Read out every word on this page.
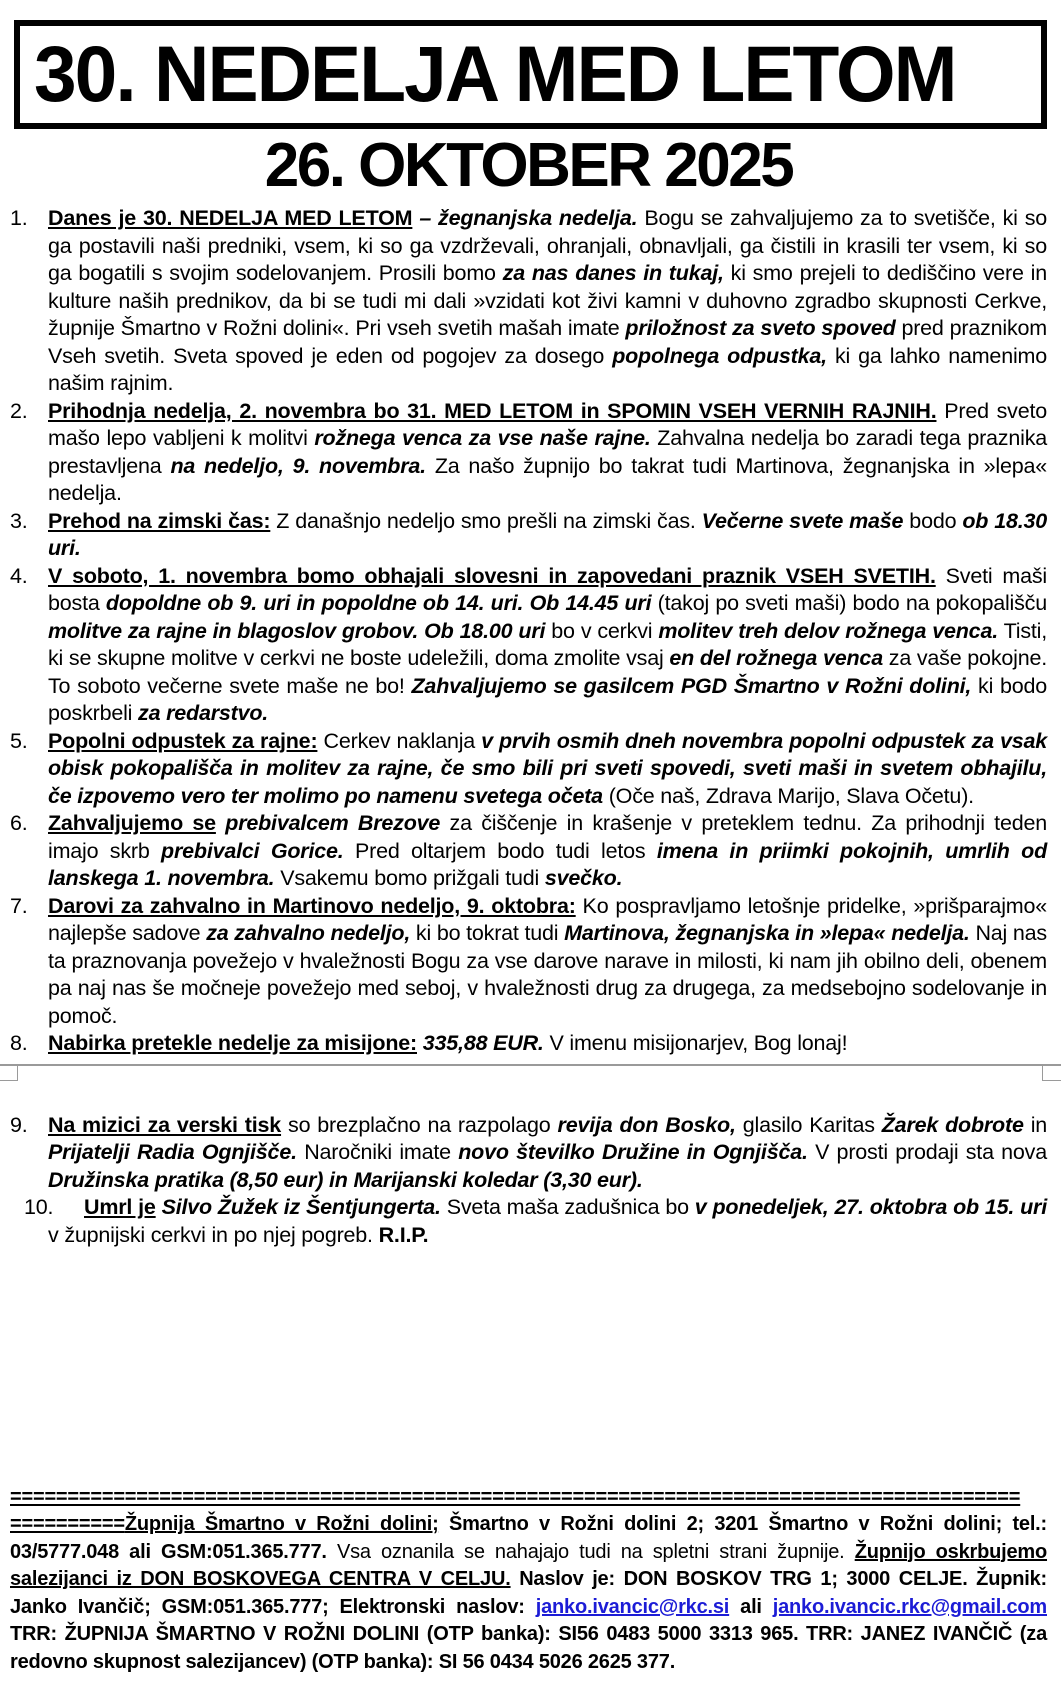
30. NEDELJA MED LETOM
26. OKTOBER 2025

1. Danes je 30. NEDELJA MED LETOM – žegnanjska nedelja. Bogu se zahvaljujemo za to svetišče, ki so ga postavili naši predniki, vsem, ki so ga vzdrževali, ohranjali, obnavljali, ga čistili in krasili ter vsem, ki so ga bogatili s svojim sodelovanjem. Prosili bomo za nas danes in tukaj, ki smo prejeli to dediščino vere in kulture naših prednikov, da bi se tudi mi dali »vzidati kot živi kamni v duhovno zgradbo skupnosti Cerkve, župnije Šmartno v Rožni dolini«. Pri vseh svetih mašah imate priložnost za sveto spoved pred praznikom Vseh svetih. Sveta spoved je eden od pogojev za dosego popolnega odpustka, ki ga lahko namenimo našim rajnim.

2. Prihodnja nedelja, 2. novembra bo 31. MED LETOM in SPOMIN VSEH VERNIH RAJNIH. Pred sveto mašo lepo vabljeni k molitvi rožnega venca za vse naše rajne. Zahvalna nedelja bo zaradi tega praznika prestavljena na nedeljo, 9. novembra. Za našo župnijo bo takrat tudi Martinova, žegnanjska in »lepa« nedelja.

3. Prehod na zimski čas: Z današnjo nedeljo smo prešli na zimski čas. Večerne svete maše bodo ob 18.30 uri.

4. V soboto, 1. novembra bomo obhajali slovesni in zapovedani praznik VSEH SVETIH. Sveti maši bosta dopoldne ob 9. uri in popoldne ob 14. uri. Ob 14.45 uri (takoj po sveti maši) bodo na pokopališču molitve za rajne in blagoslov grobov. Ob 18.00 uri bo v cerkvi molitev treh delov rožnega venca. Tisti, ki se skupne molitve v cerkvi ne boste udeležili, doma zmolite vsaj en del rožnega venca za vaše pokojne. To soboto večerne svete maše ne bo! Zahvaljujemo se gasilcem PGD Šmartno v Rožni dolini, ki bodo poskrbeli za redarstvo.

5. Popolni odpustek za rajne: Cerkev naklanja v prvih osmih dneh novembra popolni odpustek za vsak obisk pokopališča in molitev za rajne, če smo bili pri sveti spovedi, sveti maši in svetem obhajilu, če izpovemo vero ter molimo po namenu svetega očeta (Oče naš, Zdrava Marijo, Slava Očetu).

6. Zahvaljujemo se prebivalcem Brezove za čiščenje in krašenje v preteklem tednu. Za prihodnji teden imajo skrb prebivalci Gorice. Pred oltarjem bodo tudi letos imena in priimki pokojnih, umrlih od lanskega 1. novembra. Vsakemu bomo prižgali tudi svečko.

7. Darovi za zahvalno in Martinovo nedeljo, 9. oktobra: Ko pospravljamo letošnje pridelke, »prišparajmo« najlepše sadove za zahvalno nedeljo, ki bo tokrat tudi Martinova, žegnanjska in »lepa« nedelja. Naj nas ta praznovanja povežejo v hvaležnosti Bogu za vse darove narave in milosti, ki nam jih obilno deli, obenem pa naj nas še močneje povežejo med seboj, v hvaležnosti drug za drugega, za medsebojno sodelovanje in pomoč.

8. Nabirka pretekle nedelje za misijone: 335,88 EUR. V imenu misijonarjev, Bog lonaj!

9. Na mizici za verski tisk so brezplačno na razpolago revija don Bosko, glasilo Karitas Žarek dobrote in Prijatelji Radia Ognjišče. Naročniki imate novo številko Družine in Ognjišča. V prosti prodaji sta nova Družinska pratika (8,50 eur) in Marijanski koledar (3,30 eur).

10. Umrl je Silvo Žužek iz Šentjungerta. Sveta maša zadušnica bo v ponedeljek, 27. oktobra ob 15. uri v župnijski cerkvi in po njej pogreb. R.I.P.

========================================================================================

==========Župnija Šmartno v Rožni dolini; Šmartno v Rožni dolini 2; 3201 Šmartno v Rožni dolini; tel.: 03/5777.048 ali GSM:051.365.777. Vsa oznanila se nahajajo tudi na spletni strani župnije. Župnijo oskrbujemo salezijanci iz DON BOSKOVEGA CENTRA V CELJU. Naslov je: DON BOSKOV TRG 1; 3000 CELJE. Župnik: Janko Ivančič; GSM:051.365.777; Elektronski naslov: janko.ivancic@rkc.si ali janko.ivancic.rkc@gmail.com TRR: ŽUPNIJA ŠMARTNO V ROŽNI DOLINI (OTP banka): SI56 0483 5000 3313 965. TRR: JANEZ IVANČIČ (za redovno skupnost salezijancev) (OTP banka): SI 56 0434 5026 2625 377.
